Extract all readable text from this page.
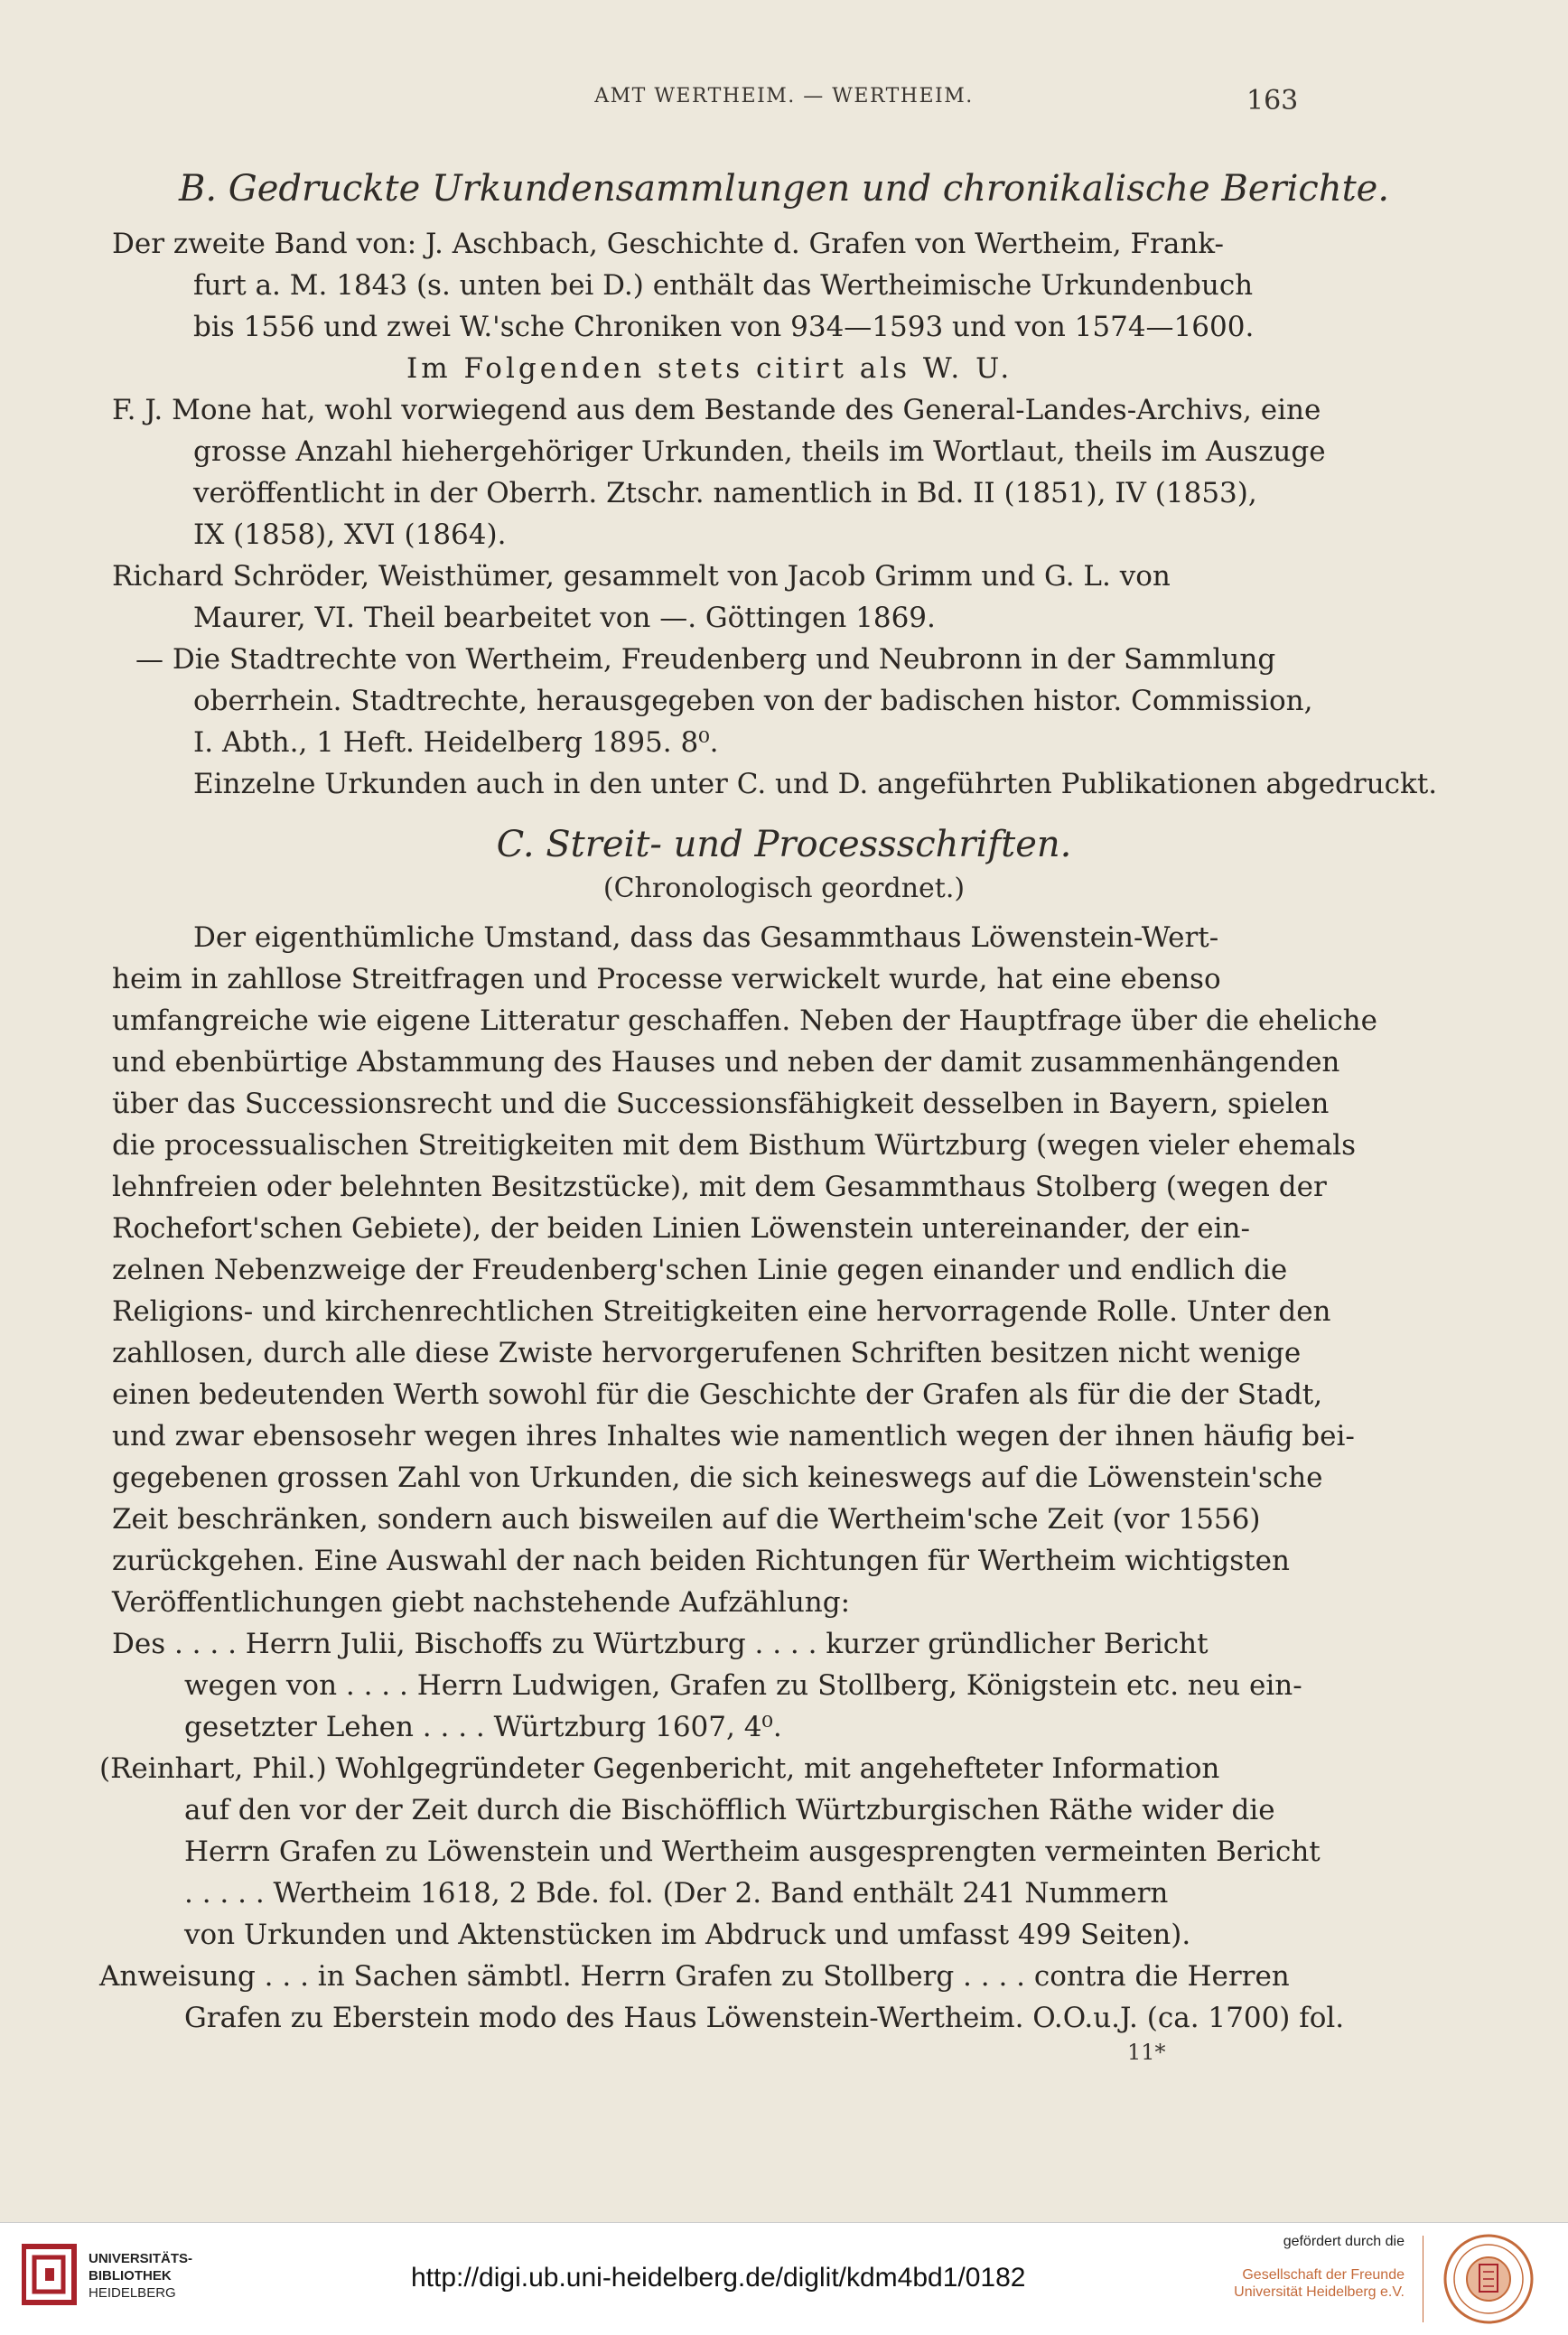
AMT WERTHEIM. — WERTHEIM.	163
B. Gedruckte Urkundensammlungen und chronikalische Berichte.
Der zweite Band von: J. Aschbach, Geschichte d. Grafen von Wertheim, Frank-
furt a. M. 1843 (s. unten bei D.) enthält das Wertheimische Urkundenbuch
bis 1556 und zwei W.'sche Chroniken von 934—1593 und von 1574—1600.
Im Folgenden stets citirt als W. U.
F. J. Mone hat, wohl vorwiegend aus dem Bestande des General-Landes-Archivs, eine
grosse Anzahl hiehergehöriger Urkunden, theils im Wortlaut, theils im Auszuge
veröffentlicht in der Oberrh. Ztschr. namentlich in Bd. II (1851), IV (1853),
IX (1858), XVI (1864).
Richard Schröder, Weisthümer, gesammelt von Jacob Grimm und G. L. von
Maurer, VI. Theil bearbeitet von —. Göttingen 1869.
— Die Stadtrechte von Wertheim, Freudenberg und Neubronn in der Sammlung
oberrhein. Stadtrechte, herausgegeben von der badischen histor. Commission,
I. Abth., 1 Heft. Heidelberg 1895. 8⁰.
Einzelne Urkunden auch in den unter C. und D. angeführten Publikationen abgedruckt.
C. Streit- und Processschriften.
(Chronologisch geordnet.)
Der eigenthümliche Umstand, dass das Gesammthaus Löwenstein-Wert-
heim in zahllose Streitfragen und Processe verwickelt wurde, hat eine ebenso
umfangreiche wie eigene Litteratur geschaffen. Neben der Hauptfrage über die eheliche
und ebenbürtige Abstammung des Hauses und neben der damit zusammenhängenden
über das Successionsrecht und die Successionsfähigkeit desselben in Bayern, spielen
die processualischen Streitigkeiten mit dem Bisthum Würtzburg (wegen vieler ehemals
lehnfreien oder belehnten Besitzstücke), mit dem Gesammthaus Stolberg (wegen der
Rochefort'schen Gebiete), der beiden Linien Löwenstein untereinander, der ein-
zelnen Nebenzweige der Freudenberg'schen Linie gegen einander und endlich die
Religions- und kirchenrechtlichen Streitigkeiten eine hervorragende Rolle. Unter den
zahllosen, durch alle diese Zwiste hervorgerufenen Schriften besitzen nicht wenige
einen bedeutenden Werth sowohl für die Geschichte der Grafen als für die der Stadt,
und zwar ebensosehr wegen ihres Inhaltes wie namentlich wegen der ihnen häufig bei-
gegebenen grossen Zahl von Urkunden, die sich keineswegs auf die Löwenstein'sche
Zeit beschränken, sondern auch bisweilen auf die Wertheim'sche Zeit (vor 1556)
zurückgehen. Eine Auswahl der nach beiden Richtungen für Wertheim wichtigsten
Veröffentlichungen giebt nachstehende Aufzählung:
Des . . . . Herrn Julii, Bischoffs zu Würtzburg . . . . kurzer gründlicher Bericht
wegen von . . . . Herrn Ludwigen, Grafen zu Stollberg, Königstein etc. neu ein-
gesetzter Lehen . . . . Würtzburg 1607, 4⁰.
(Reinhart, Phil.) Wohlgegründeter Gegenbericht, mit angehefteter Information
auf den vor der Zeit durch die Bischöfflich Würtzburgischen Räthe wider die
Herrn Grafen zu Löwenstein und Wertheim ausgesprengten vermeinten Bericht
. . . . . Wertheim 1618, 2 Bde. fol. (Der 2. Band enthält 241 Nummern
von Urkunden und Aktenstücken im Abdruck und umfasst 499 Seiten).
Anweisung . . . in Sachen sämbtl. Herrn Grafen zu Stollberg . . . . contra die Herren
Grafen zu Eberstein modo des Haus Löwenstein-Wertheim. O.O.u.J. (ca. 1700) fol.
11*
UNIVERSITÄTS-
BIBLIOTHEK
HEIDELBERG
http://digi.ub.uni-heidelberg.de/diglit/kdm4bd1/0182
gefördert durch die
Gesellschaft der Freunde
Universität Heidelberg e.V.
